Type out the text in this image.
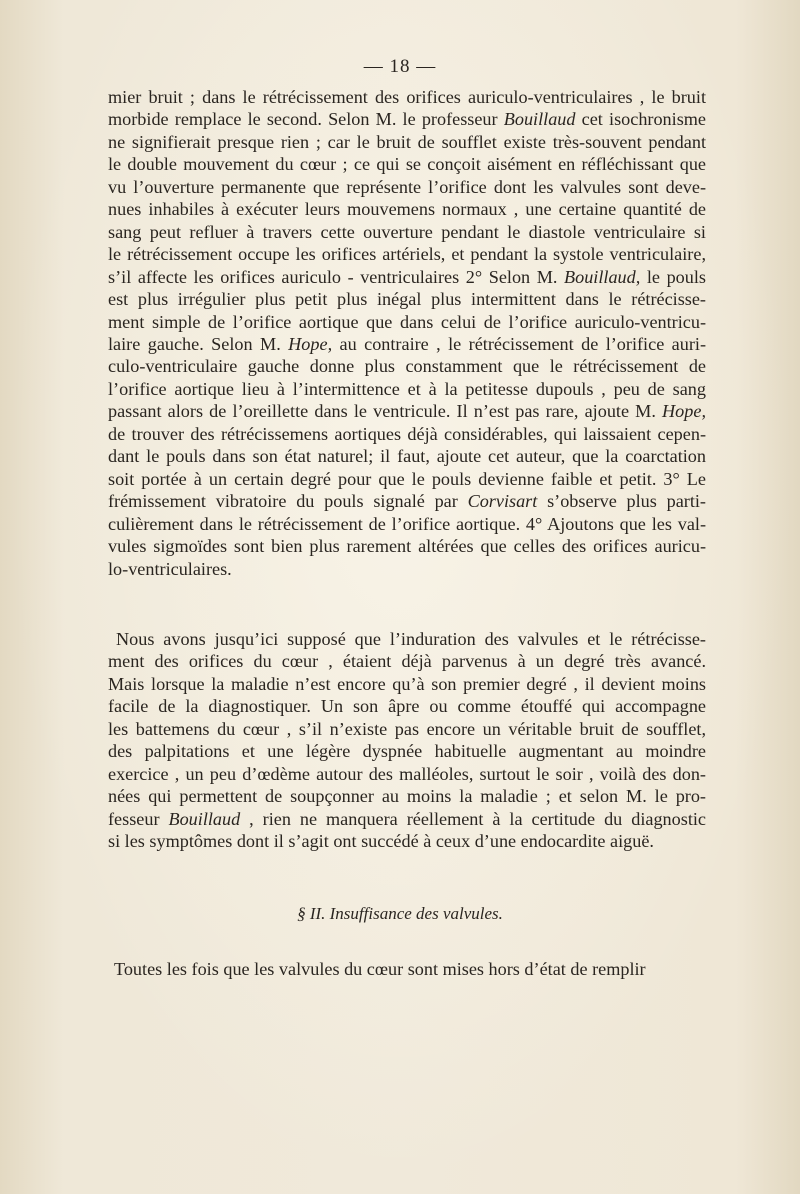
— 18 —
mier bruit ; dans le rétrécissement des orifices auriculo-ventriculaires , le bruit
morbide remplace le second. Selon M. le professeur Bouillaud cet isochronisme
ne signifierait presque rien ; car le bruit de soufflet existe très-souvent pendant
le double mouvement du cœur ; ce qui se conçoit aisément en réfléchissant que
vu l’ouverture permanente que représente l’orifice dont les valvules sont deve-
nues inhabiles à exécuter leurs mouvemens normaux , une certaine quantité de
sang peut refluer à travers cette ouverture pendant le diastole ventriculaire si
le rétrécissement occupe les orifices artériels, et pendant la systole ventriculaire,
s’il affecte les orifices auriculo - ventriculaires 2° Selon M. Bouillaud, le pouls
est plus irrégulier plus petit plus inégal plus intermittent dans le rétrécisse-
ment simple de l’orifice aortique que dans celui de l’orifice auriculo-ventricu-
laire gauche. Selon M. Hope, au contraire , le rétrécissement de l’orifice auri-
culo-ventriculaire gauche donne plus constamment que le rétrécissement de
l’orifice aortique lieu à l’intermittence et à la petitesse dupouls , peu de sang
passant alors de l’oreillette dans le ventricule. Il n’est pas rare, ajoute M. Hope,
de trouver des rétrécissemens aortiques déjà considérables, qui laissaient cepen-
dant le pouls dans son état naturel; il faut, ajoute cet auteur, que la coarctation
soit portée à un certain degré pour que le pouls devienne faible et petit. 3° Le
frémissement vibratoire du pouls signalé par Corvisart s’observe plus parti-
culièrement dans le rétrécissement de l’orifice aortique. 4° Ajoutons que les val-
vules sigmoïdes sont bien plus rarement altérées que celles des orifices auricu-
lo-ventriculaires.
Nous avons jusqu’ici supposé que l’induration des valvules et le rétrécisse-
ment des orifices du cœur , étaient déjà parvenus à un degré très avancé.
Mais lorsque la maladie n’est encore qu’à son premier degré , il devient moins
facile de la diagnostiquer. Un son âpre ou comme étouffé qui accompagne
les battemens du cœur , s’il n’existe pas encore un véritable bruit de soufflet,
des palpitations et une légère dyspnée habituelle augmentant au moindre
exercice , un peu d’œdème autour des malléoles, surtout le soir , voilà des don-
nées qui permettent de soupçonner au moins la maladie ; et selon M. le pro-
fesseur Bouillaud , rien ne manquera réellement à la certitude du diagnostic
si les symptômes dont il s’agit ont succédé à ceux d’une endocardite aiguë.
§ II. Insuffisance des valvules.
Toutes les fois que les valvules du cœur sont mises hors d’état de remplir
